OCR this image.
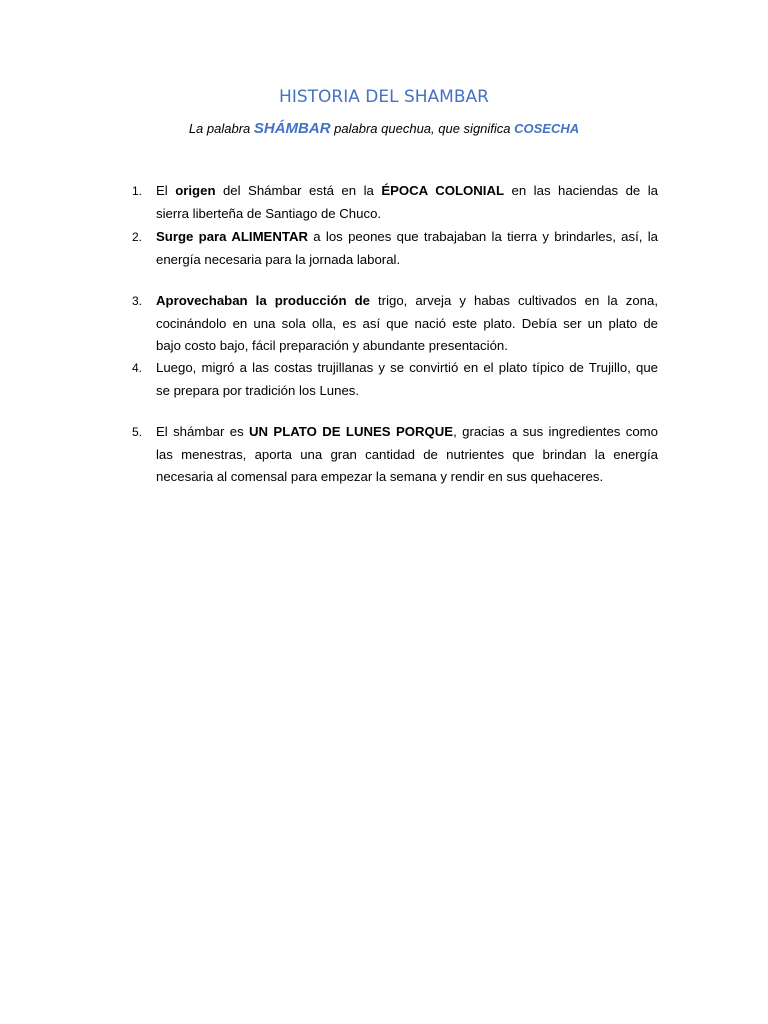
HISTORIA DEL SHAMBAR
La palabra SHÁMBAR palabra quechua, que significa COSECHA
1. El origen del Shámbar está en la ÉPOCA COLONIAL en las haciendas de la
sierra liberteña de Santiago de Chuco.
2. Surge para ALIMENTAR a los peones que trabajaban la tierra y brindarles, así, la
energía necesaria para la jornada laboral.
3. Aprovechaban la producción de trigo, arveja y habas cultivados en la zona,
cocinándolo en una sola olla, es así que nació este plato. Debía ser un plato de
bajo costo bajo, fácil preparación y abundante presentación.
4. Luego, migró a las costas trujillanas y se convirtió en el plato típico de Trujillo, que
se prepara por tradición los Lunes.
5. El shámbar es UN PLATO DE LUNES PORQUE, gracias a sus ingredientes como
las menestras, aporta una gran cantidad de nutrientes que brindan la energía
necesaria al comensal para empezar la semana y rendir en sus quehaceres.
